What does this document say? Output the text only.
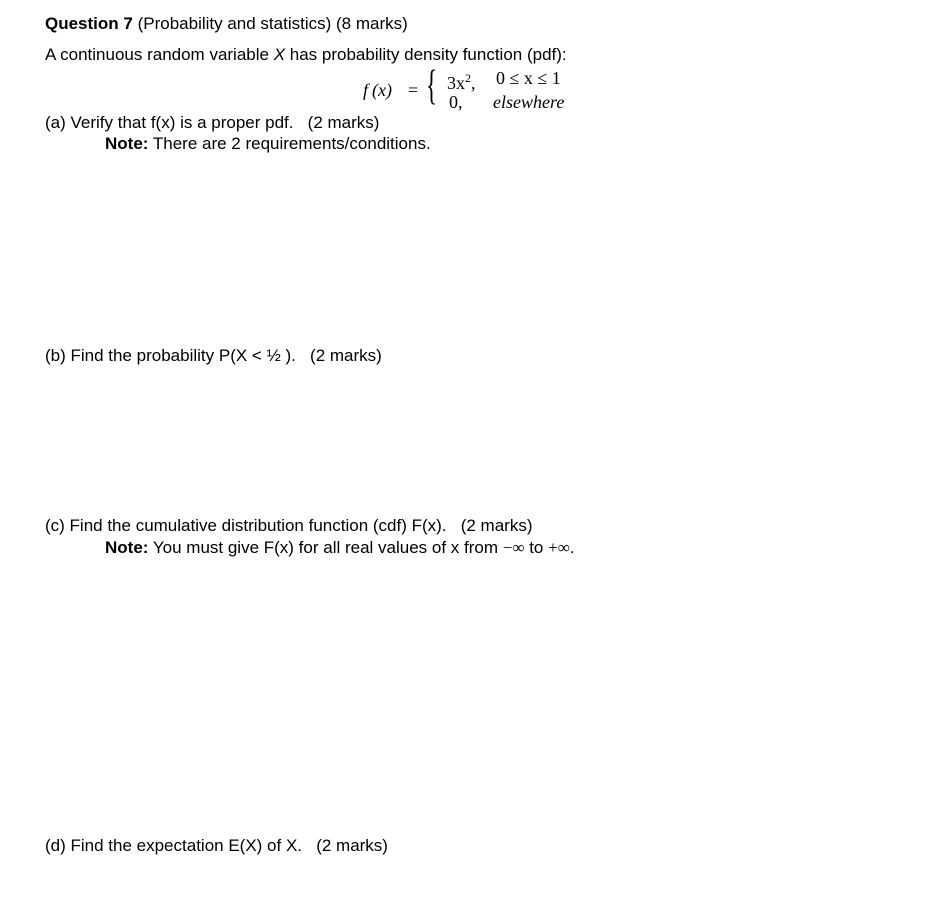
Question 7 (Probability and statistics) (8 marks)
A continuous random variable X has probability density function (pdf):
f (x) = { $3x^2$, 0 ≤ x ≤ 1
0, elsewhere
(a) Verify that f(x) is a proper pdf. (2 marks)
Note: There are 2 requirements/conditions.
(b) Find the probability P(X < ½ ). (2 marks)
(c) Find the cumulative distribution function (cdf) F(x). (2 marks)
Note: You must give F(x) for all real values of x from −∞ to +∞.
(d) Find the expectation E(X) of X. (2 marks)
